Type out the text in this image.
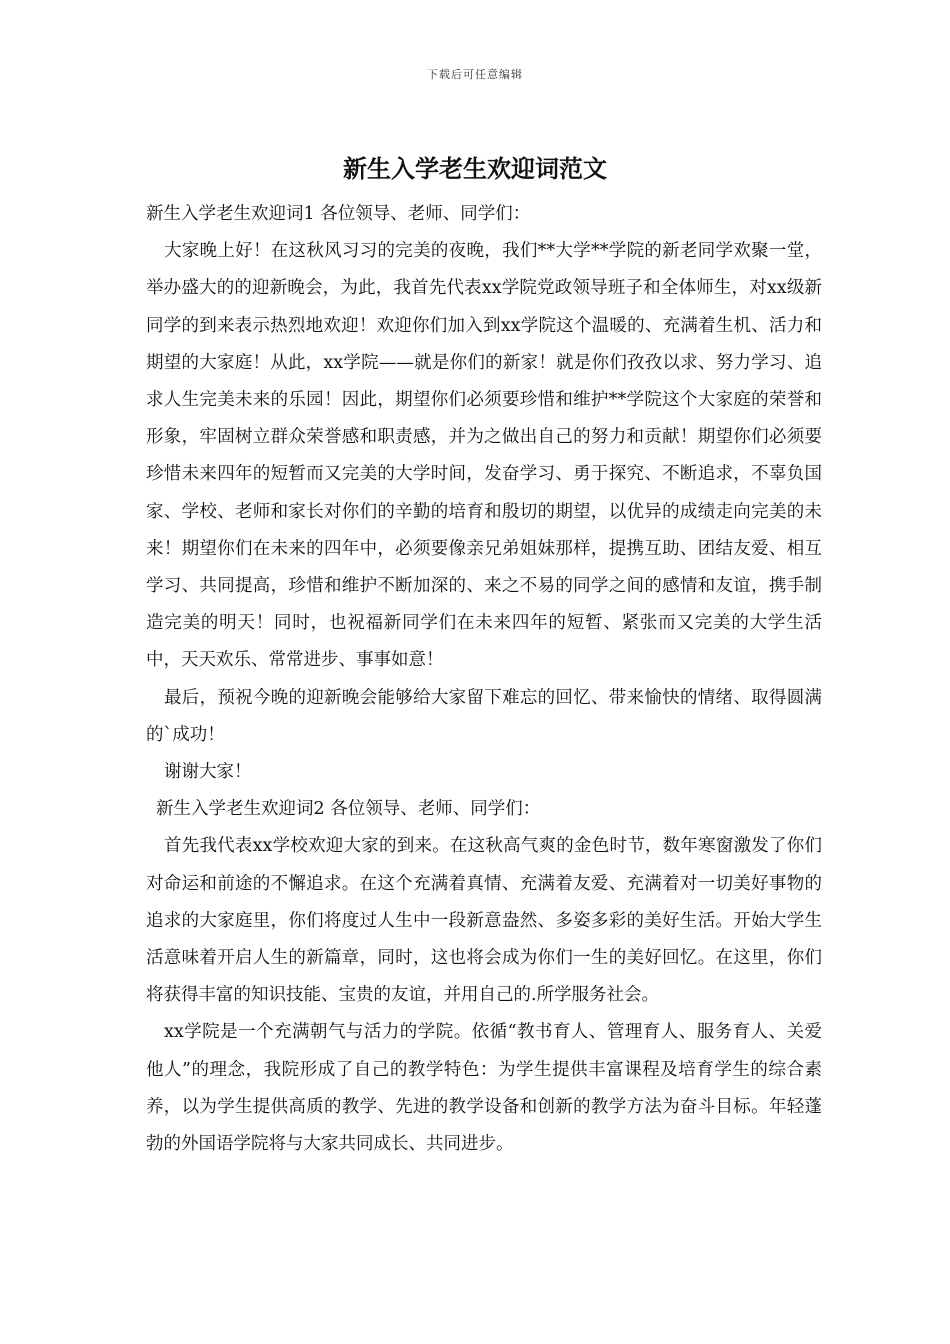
下载后可任意编辑
新生入学老生欢迎词范文

新生入学老生欢迎词1 各位领导、老师、同学们：

大家晚上好！在这秋风习习的完美的夜晚，我们**大学**学院的新老同学欢聚一堂，举办盛大的的迎新晚会，为此，我首先代表xx学院党政领导班子和全体师生，对xx级新同学的到来表示热烈地欢迎！欢迎你们加入到xx学院这个温暖的、充满着生机、活力和期望的大家庭！从此，xx学院——就是你们的新家！就是你们孜孜以求、努力学习、追求人生完美未来的乐园！因此，期望你们必须要珍惜和维护**学院这个大家庭的荣誉和形象，牢固树立群众荣誉感和职责感，并为之做出自己的努力和贡献！期望你们必须要珍惜未来四年的短暂而又完美的大学时间，发奋学习、勇于探究、不断追求，不辜负国家、学校、老师和家长对你们的辛勤的培育和殷切的期望，以优异的成绩走向完美的未来！期望你们在未来的四年中，必须要像亲兄弟姐妹那样，提携互助、团结友爱、相互学习、共同提高，珍惜和维护不断加深的、来之不易的同学之间的感情和友谊，携手制造完美的明天！同时，也祝福新同学们在未来四年的短暂、紧张而又完美的大学生活中，天天欢乐、常常进步、事事如意！

最后，预祝今晚的迎新晚会能够给大家留下难忘的回忆、带来愉快的情绪、取得圆满的`成功！

谢谢大家！

新生入学老生欢迎词2 各位领导、老师、同学们：

首先我代表xx学校欢迎大家的到来。在这秋高气爽的金色时节，数年寒窗激发了你们对命运和前途的不懈追求。在这个充满着真情、充满着友爱、充满着对一切美好事物的追求的大家庭里，你们将度过人生中一段新意盎然、多姿多彩的美好生活。开始大学生活意味着开启人生的新篇章，同时，这也将会成为你们一生的美好回忆。在这里，你们将获得丰富的知识技能、宝贵的友谊，并用自己的.所学服务社会。

xx学院是一个充满朝气与活力的学院。依循“教书育人、管理育人、服务育人、关爱他人”的理念，我院形成了自己的教学特色：为学生提供丰富课程及培育学生的综合素养，以为学生提供高质的教学、先进的教学设备和创新的教学方法为奋斗目标。年轻蓬勃的外国语学院将与大家共同成长、共同进步。
